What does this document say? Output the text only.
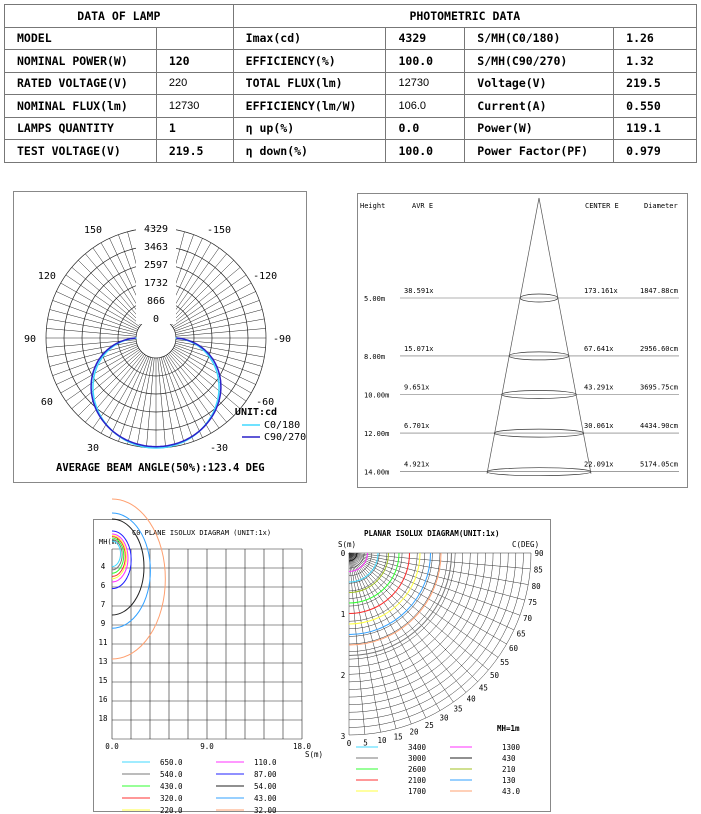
DATA OF LAMP		PHOTOMETRIC DATA			
MODEL		Imax(cd)	4329	S/MH(C0/180)	1.26
NOMINAL POWER(W)	120	EFFICIENCY(%)	100.0	S/MH(C90/270)	1.32
RATED VOLTAGE(V)	220	TOTAL FLUX(lm)	12730	Voltage(V)	219.5
NOMINAL FLUX(lm)	12730	EFFICIENCY(lm/W)	106.0	Current(A)	0.550
LAMPS QUANTITY	1	η up(%)	0.0	Power(W)	119.1
TEST VOLTAGE(V)	219.5	η down(%)	100.0	Power Factor(PF)	0.979
4329
3463
2597
1732
866
0
-150
150
-120
120
-90
90
-60
60
-30
30
UNIT:cd
C0/180
C90/270
AVERAGE BEAM ANGLE(50%):123.4 DEG
Height	AVR E	CENTER E	Diameter
5.00m
38.591x	173.161x	1847.88cm
8.00m
15.071x	67.641x	2956.60cm
10.00m
9.651x	43.291x	3695.75cm
12.00m
6.701x	30.061x	4434.90cm
14.00m
4.921x	22.091x	5174.05cm
C0 PLANE ISOLUX DIAGRAM (UNIT:1x)
MH(m)
4
6
7
9
11
13
15
16
18
0.0	9.0	18.0
S(m)
650.0	110.0
540.0	87.00
430.0	54.00
320.0	43.00
220.0	32.00
PLANAR ISOLUX DIAGRAM(UNIT:1x)
S(m)	C(DEG)
0
1
2
3
0 5 10 15
20
25
30
35
40
45
50
55
60
65
70
75
80
85
90
MH=1m
3400	1300
3000	430
2600	210
2100	130
1700	43.0
